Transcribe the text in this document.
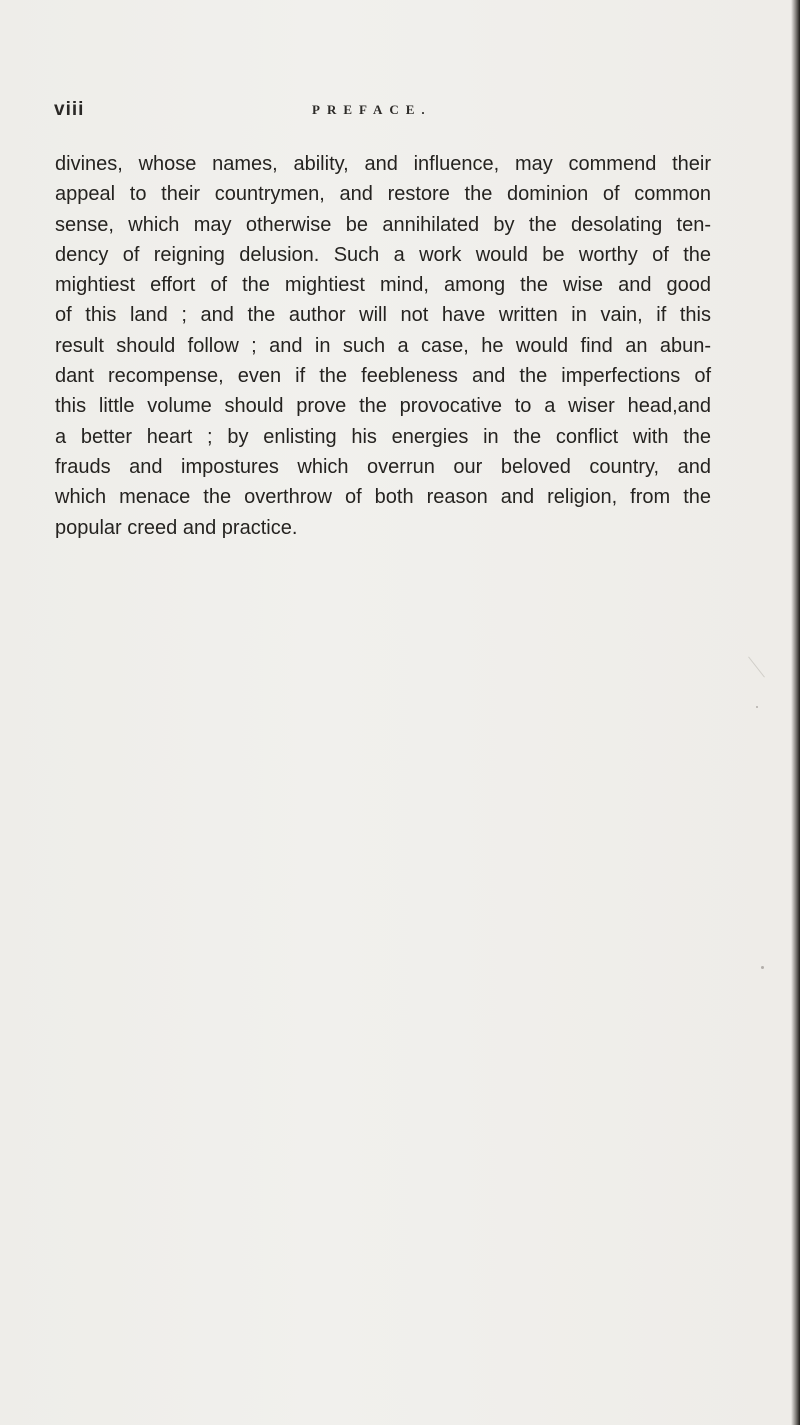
viii	PREFACE.
divines, whose names, ability, and influence, may commend their
appeal to their countrymen, and restore the dominion of common
sense, which may otherwise be annihilated by the desolating ten-
dency of reigning delusion. Such a work would be worthy of the
mightiest effort of the mightiest mind, among the wise and good
of this land ; and the author will not have written in vain, if this
result should follow ; and in such a case, he would find an abun-
dant recompense, even if the feebleness and the imperfections of
this little volume should prove the provocative to a wiser head,and
a better heart ; by enlisting his energies in the conflict with the
frauds and impostures which overrun our beloved country, and
which menace the overthrow of both reason and religion, from the
popular creed and practice.
